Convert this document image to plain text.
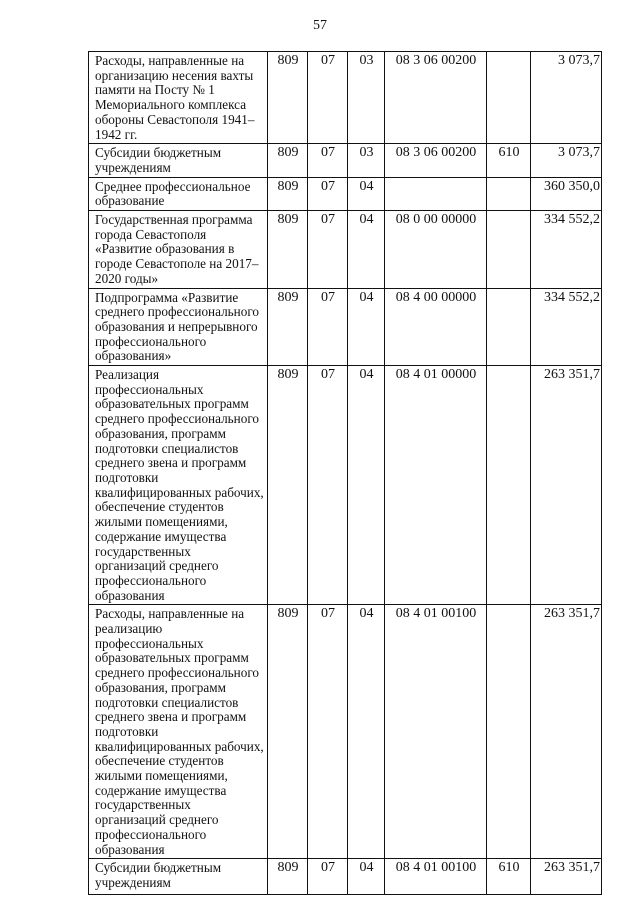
57
Расходы, направленные на организацию несения вахты памяти на Посту № 1 Мемориального комплекса обороны Севастополя 1941–1942 гг.	809	07	03	08 3 06 00200		3 073,7
Субсидии бюджетным учреждениям	809	07	03	08 3 06 00200	610	3 073,7
Среднее профессиональное образование	809	07	04			360 350,0
Государственная программа города Севастополя «Развитие образования в городе Севастополе на 2017–2020 годы»	809	07	04	08 0 00 00000		334 552,2
Подпрограмма «Развитие среднего профессионального образования и непрерывного профессионального образования»	809	07	04	08 4 00 00000		334 552,2
Реализация профессиональных образовательных программ среднего профессионального образования, программ подготовки специалистов среднего звена и программ подготовки квалифицированных рабочих, обеспечение студентов жилыми помещениями, содержание имущества государственных организаций среднего профессионального образования	809	07	04	08 4 01 00000		263 351,7
Расходы, направленные на реализацию профессиональных образовательных программ среднего профессионального образования, программ подготовки специалистов среднего звена и программ подготовки квалифицированных рабочих, обеспечение студентов жилыми помещениями, содержание имущества государственных организаций среднего профессионального образования	809	07	04	08 4 01 00100		263 351,7
Субсидии бюджетным учреждениям	809	07	04	08 4 01 00100	610	263 351,7
